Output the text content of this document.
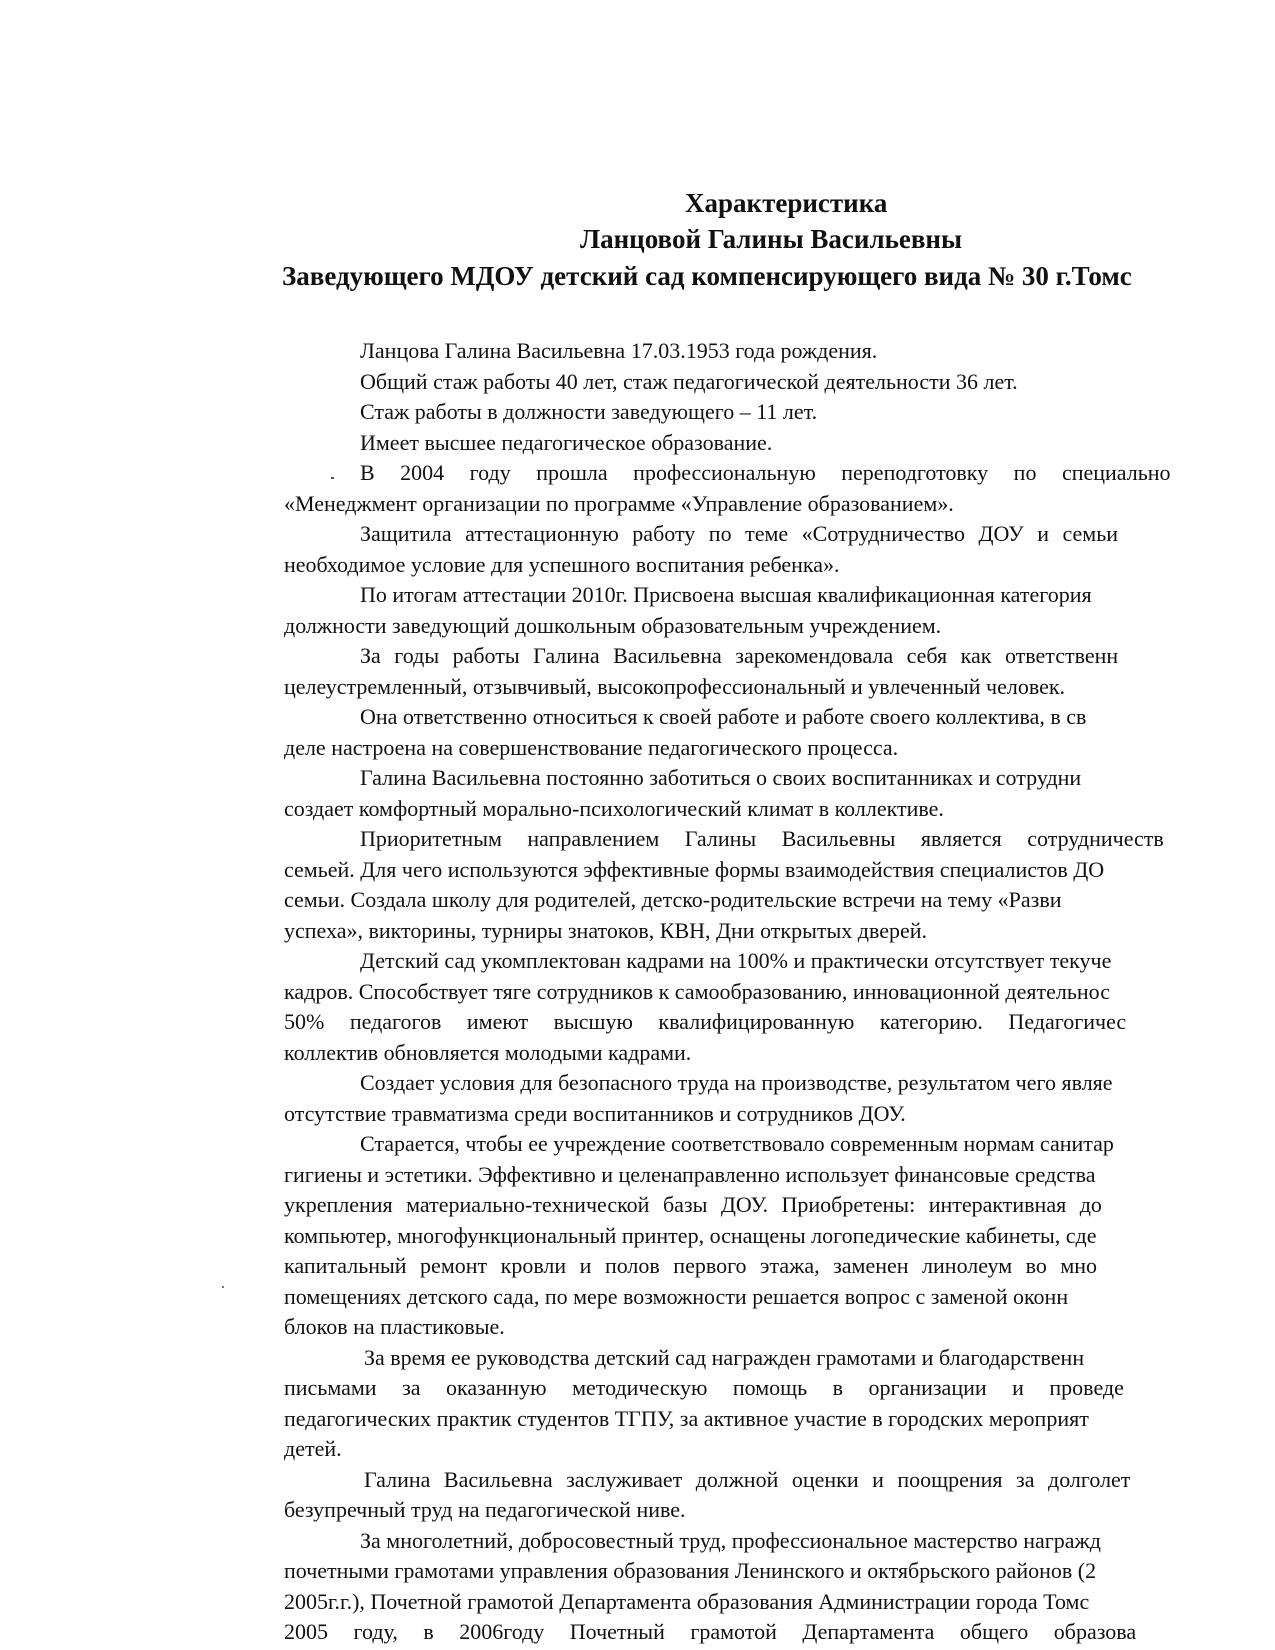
Характеристика
Ланцовой Галины Васильевны
Заведующего МДОУ детский сад компенсирующего вида № 30 г.Томс
Ланцова Галина Васильевна 17.03.1953 года рождения.
Общий стаж работы 40 лет, стаж педагогической деятельности 36 лет.
Стаж работы в должности заведующего – 11 лет.
Имеет высшее педагогическое образование.
В 2004 году прошла профессиональную переподготовку по специально
«Менеджмент организации по программе «Управление образованием».
Защитила аттестационную работу по теме «Сотрудничество ДОУ и семьи
необходимое условие для успешного воспитания ребенка».
По итогам аттестации 2010г. Присвоена высшая квалификационная категория
должности заведующий дошкольным образовательным учреждением.
За годы работы Галина Васильевна зарекомендовала себя как ответственн
целеустремленный, отзывчивый, высокопрофессиональный и увлеченный человек.
Она ответственно относиться к своей работе и работе своего коллектива, в св
деле настроена на совершенствование педагогического процесса.
Галина Васильевна постоянно заботиться о своих воспитанниках и сотрудни
создает комфортный морально-психологический климат в коллективе.
Приоритетным направлением Галины Васильевны является сотрудничеств
семьей. Для чего используются эффективные формы взаимодействия специалистов ДО
семьи. Создала школу для родителей, детско-родительские встречи на тему «Разви
успеха», викторины, турниры знатоков, КВН, Дни открытых дверей.
Детский сад укомплектован кадрами на 100% и практически отсутствует текуче
кадров. Способствует тяге сотрудников к самообразованию, инновационной деятельнос
50% педагогов имеют высшую квалифицированную категорию. Педагогичес
коллектив обновляется молодыми кадрами.
Создает условия для безопасного труда на производстве, результатом чего являе
отсутствие травматизма среди воспитанников и сотрудников ДОУ.
Старается, чтобы ее учреждение соответствовало современным нормам санитар
гигиены и эстетики. Эффективно и целенаправленно использует финансовые средства
укрепления материально-технической базы ДОУ. Приобретены: интерактивная до
компьютер, многофункциональный принтер, оснащены логопедические кабинеты, сде
капитальный ремонт кровли и полов первого этажа, заменен линолеум во мно
помещениях детского сада, по мере возможности решается вопрос с заменой оконн
блоков на пластиковые.
За время ее руководства детский сад награжден грамотами и благодарственн
письмами за оказанную методическую помощь в организации и проведе
педагогических практик студентов ТГПУ, за активное участие в городских мероприят
детей.
Галина Васильевна заслуживает должной оценки и поощрения за долголет
безупречный труд на педагогической ниве.
За многолетний, добросовестный труд, профессиональное мастерство награжд
почетными грамотами управления образования Ленинского и октябрьского районов (2
2005г.г.), Почетной грамотой Департамента образования Администрации города Томс
2005 году, в 2006году Почетный грамотой Департамента общего образова
